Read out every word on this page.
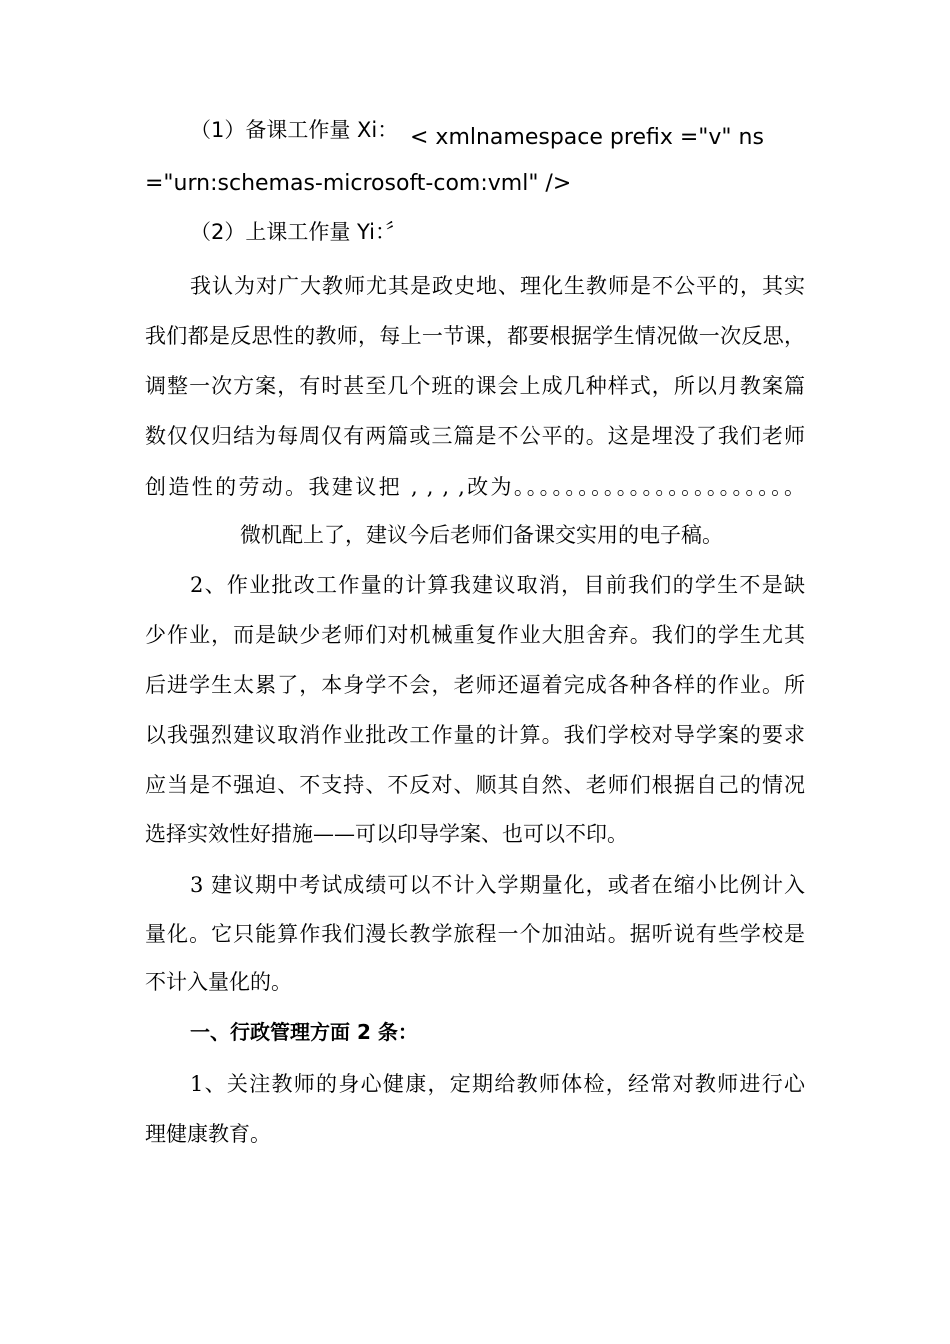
（1）备课工作量 Xi： < xmlnamespace prefix ="v" ns
="urn:schemas-microsoft-com:vml" />
（2）上课工作量 Yi：〞
我认为对广大教师尤其是政史地、理化生教师是不公平的，其实
我们都是反思性的教师，每上一节课，都要根据学生情况做一次反思，
调整一次方案，有时甚至几个班的课会上成几种样式，所以月教案篇
数仅仅归结为每周仅有两篇或三篇是不公平的。这是埋没了我们老师
创造性的劳动。我建议把 , , , ,改为。。。。。。。。。。。。。。。。。。。。。。
微机配上了，建议今后老师们备课交实用的电子稿。
2、作业批改工作量的计算我建议取消，目前我们的学生不是缺
少作业，而是缺少老师们对机械重复作业大胆舍弃。我们的学生尤其
后进学生太累了，本身学不会，老师还逼着完成各种各样的作业。所
以我强烈建议取消作业批改工作量的计算。我们学校对导学案的要求
应当是不强迫、不支持、不反对、顺其自然、老师们根据自己的情况
选择实效性好措施——可以印导学案、也可以不印。
3 建议期中考试成绩可以不计入学期量化，或者在缩小比例计入
量化。它只能算作我们漫长教学旅程一个加油站。据听说有些学校是
不计入量化的。
一、行政管理方面 2 条：
1、关注教师的身心健康，定期给教师体检，经常对教师进行心
理健康教育。
